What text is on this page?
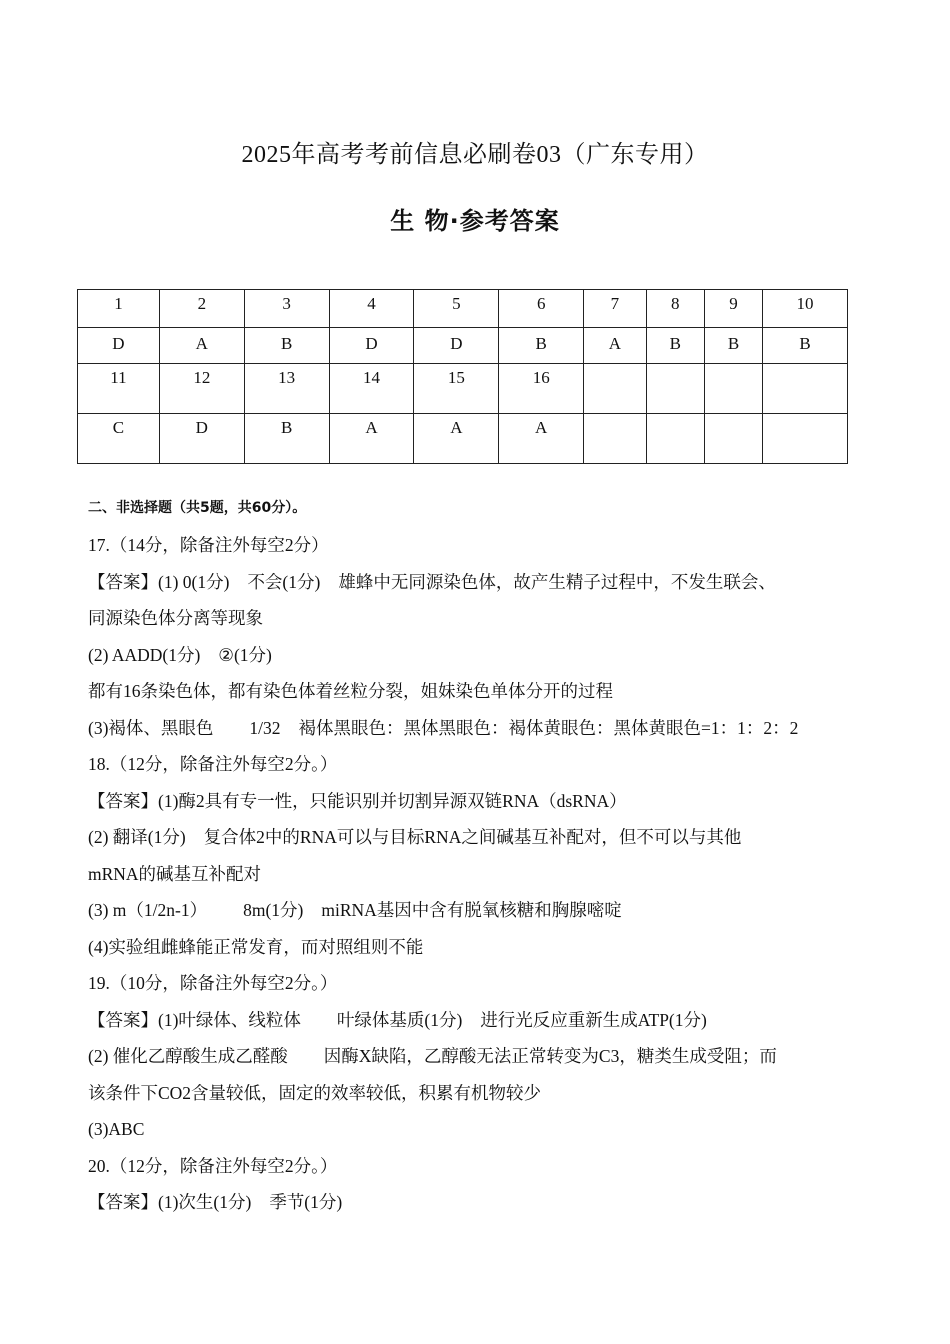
2025年高考考前信息必刷卷03（广东专用）
生 物·参考答案
1	2	3	4	5	6	7	8	9	10
D	A	B	D	D	B	A	B	B	B
11	12	13	14	15	16				
C	D	B	A	A	A				
二、非选择题（共5题，共60分）。
17.（14分，除备注外每空2分）
【答案】(1) 0(1分) 不会(1分) 雄蜂中无同源染色体，故产生精子过程中，不发生联会、
同源染色体分离等现象
(2) AADD(1分) ②(1分)
都有16条染色体，都有染色体着丝粒分裂，姐妹染色单体分开的过程
(3)褐体、黑眼色 1/32 褐体黑眼色：黑体黑眼色：褐体黄眼色：黑体黄眼色=1：1：2：2
18.（12分，除备注外每空2分。）
【答案】(1)酶2具有专一性，只能识别并切割异源双链RNA（dsRNA）
(2) 翻译(1分) 复合体2中的RNA可以与目标RNA之间碱基互补配对，但不可以与其他
mRNA的碱基互补配对
(3) m（1/2n-1） 8m(1分) miRNA基因中含有脱氧核糖和胸腺嘧啶
(4)实验组雌蜂能正常发育，而对照组则不能
19.（10分，除备注外每空2分。）
【答案】(1)叶绿体、线粒体 叶绿体基质(1分) 进行光反应重新生成ATP(1分)
(2) 催化乙醇酸生成乙醛酸 因酶X缺陷，乙醇酸无法正常转变为C3，糖类生成受阻；而
该条件下CO2含量较低，固定的效率较低，积累有机物较少
(3)ABC
20.（12分，除备注外每空2分。）
【答案】(1)次生(1分) 季节(1分)
